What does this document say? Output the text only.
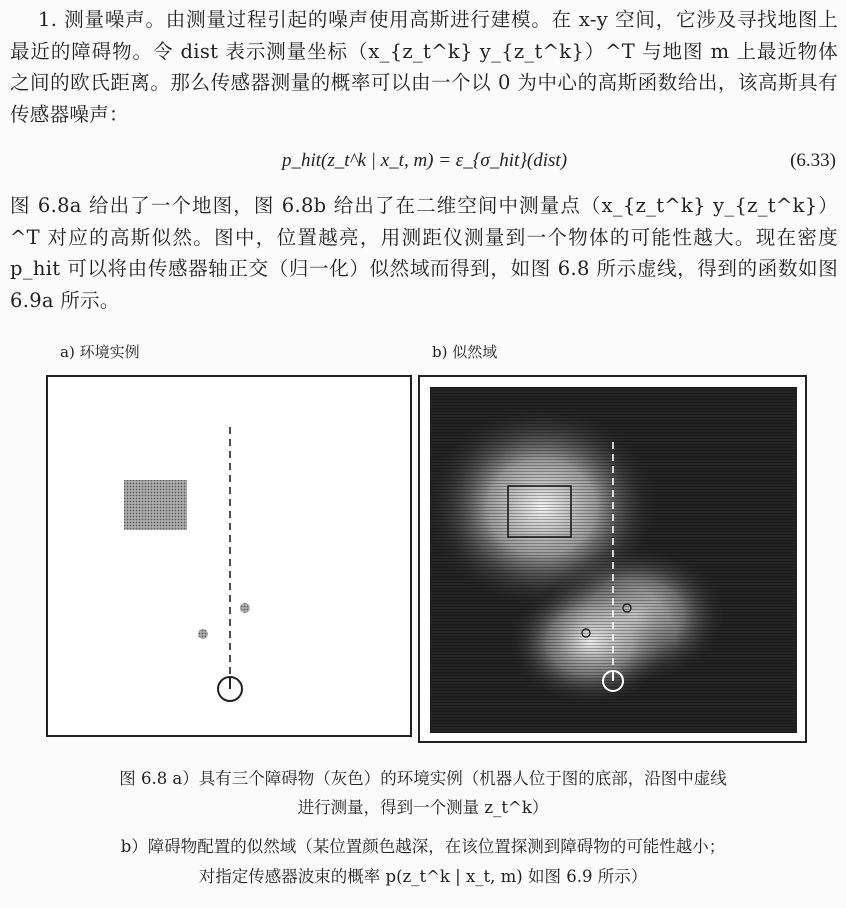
1. 测量噪声。由测量过程引起的噪声使用高斯进行建模。在 x-y 空间，它涉及寻找地图上最近的障碍物。令 dist 表示测量坐标（x_{z_t^k} y_{z_t^k}）^T 与地图 m 上最近物体之间的欧氏距离。那么传感器测量的概率可以由一个以 0 为中心的高斯函数给出，该高斯具有传感器噪声：
p_hit(z_t^k | x_t, m) = ε_{σ_hit}(dist)	(6.33)
图 6.8a 给出了一个地图，图 6.8b 给出了在二维空间中测量点（x_{z_t^k} y_{z_t^k}）^T 对应的高斯似然。图中，位置越亮，用测距仪测量到一个物体的可能性越大。现在密度 p_hit 可以将由传感器轴正交（归一化）似然域而得到，如图 6.8 所示虚线，得到的函数如图 6.9a 所示。
a) 环境实例	b) 似然域
图 6.8 a）具有三个障碍物（灰色）的环境实例（机器人位于图的底部，沿图中虚线
进行测量，得到一个测量 z_t^k）
b）障碍物配置的似然域（某位置颜色越深，在该位置探测到障碍物的可能性越小；
对指定传感器波束的概率 p(z_t^k | x_t, m) 如图 6.9 所示）
